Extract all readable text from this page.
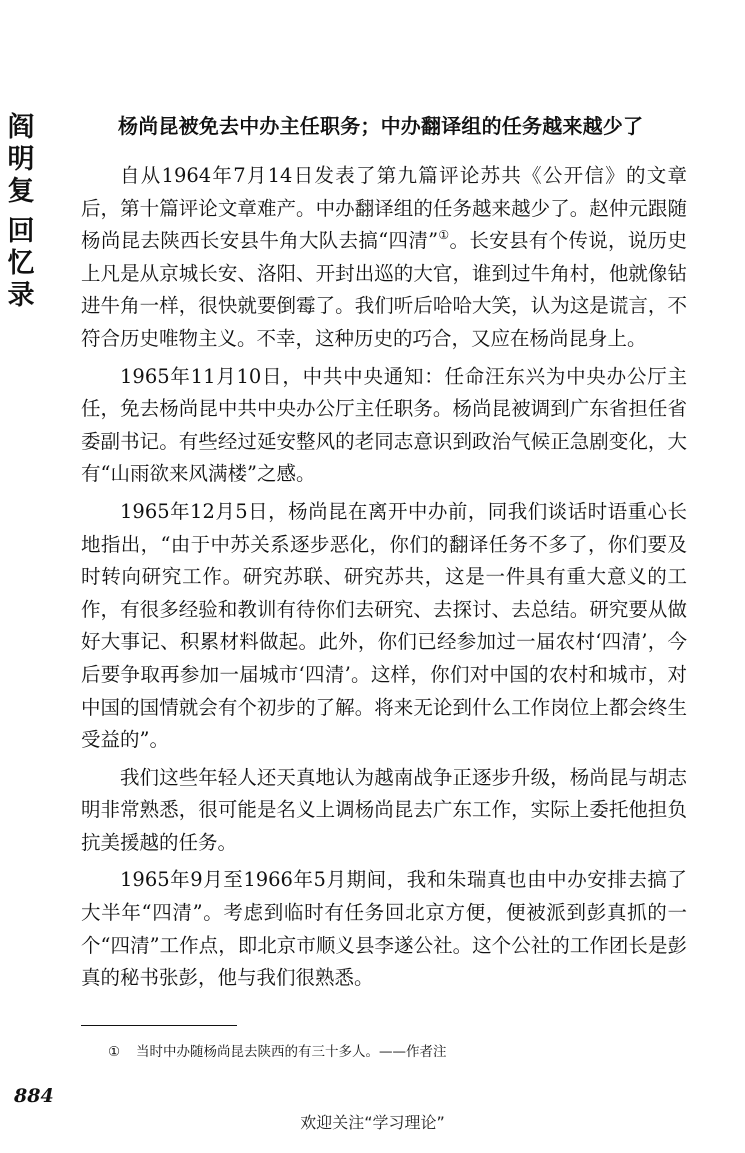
阎
明
复
回
忆
录
杨尚昆被免去中办主任职务；中办翻译组的任务越来越少了

自从1964年7月14日发表了第九篇评论苏共《公开信》的文章后，第十篇评论文章难产。中办翻译组的任务越来越少了。赵仲元跟随杨尚昆去陕西长安县牛角大队去搞“四清”①。长安县有个传说，说历史上凡是从京城长安、洛阳、开封出巡的大官，谁到过牛角村，他就像钻进牛角一样，很快就要倒霉了。我们听后哈哈大笑，认为这是谎言，不符合历史唯物主义。不幸，这种历史的巧合，又应在杨尚昆身上。

1965年11月10日，中共中央通知：任命汪东兴为中央办公厅主任，免去杨尚昆中共中央办公厅主任职务。杨尚昆被调到广东省担任省委副书记。有些经过延安整风的老同志意识到政治气候正急剧变化，大有“山雨欲来风满楼”之感。

1965年12月5日，杨尚昆在离开中办前，同我们谈话时语重心长地指出，“由于中苏关系逐步恶化，你们的翻译任务不多了，你们要及时转向研究工作。研究苏联、研究苏共，这是一件具有重大意义的工作，有很多经验和教训有待你们去研究、去探讨、去总结。研究要从做好大事记、积累材料做起。此外，你们已经参加过一届农村‘四清’，今后要争取再参加一届城市‘四清’。这样，你们对中国的农村和城市，对中国的国情就会有个初步的了解。将来无论到什么工作岗位上都会终生受益的”。

我们这些年轻人还天真地认为越南战争正逐步升级，杨尚昆与胡志明非常熟悉，很可能是名义上调杨尚昆去广东工作，实际上委托他担负抗美援越的任务。

1965年9月至1966年5月期间，我和朱瑞真也由中办安排去搞了大半年“四清”。考虑到临时有任务回北京方便，便被派到彭真抓的一个“四清”工作点，即北京市顺义县李遂公社。这个公社的工作团长是彭真的秘书张彭，他与我们很熟悉。

① 当时中办随杨尚昆去陕西的有三十多人。——作者注
884
欢迎关注“学习理论”
